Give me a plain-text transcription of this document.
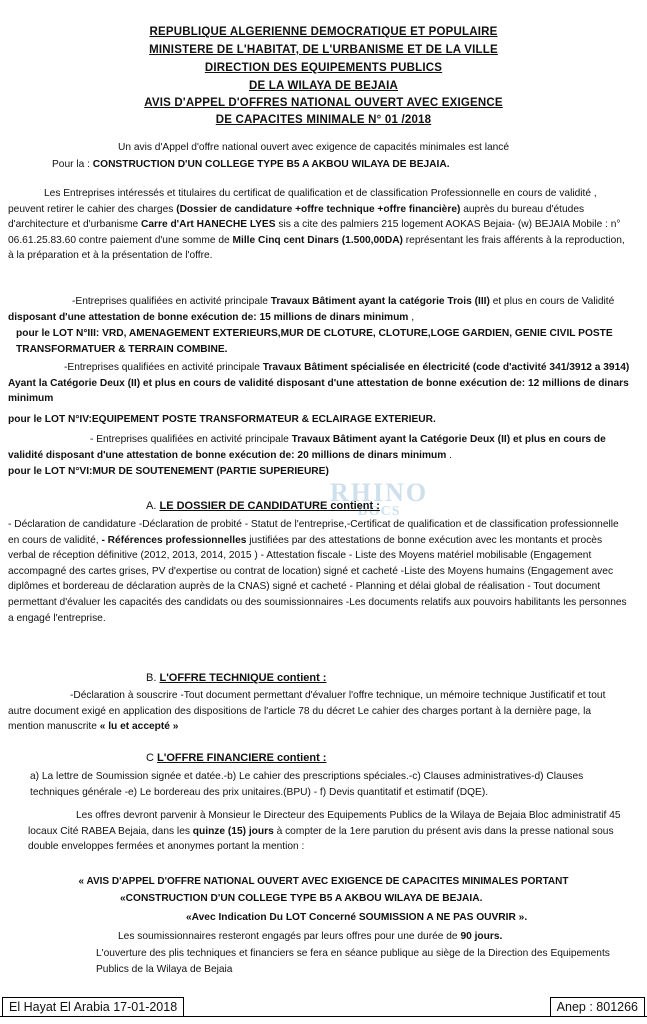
REPUBLIQUE ALGERIENNE DEMOCRATIQUE ET POPULAIRE
MINISTERE DE L'HABITAT, DE L'URBANISME ET DE LA VILLE
DIRECTION DES EQUIPEMENTS PUBLICS
DE LA WILAYA DE BEJAIA
AVIS D'APPEL D'OFFRES NATIONAL OUVERT AVEC EXIGENCE
DE CAPACITES MINIMALE N° 01 /2018
Un avis d'Appel d'offre national ouvert avec exigence de capacités minimales est lancé
Pour la : CONSTRUCTION D'UN COLLEGE TYPE B5 A AKBOU WILAYA DE BEJAIA.

Les Entreprises intéressés et titulaires du certificat de qualification et de classification Professionnelle en cours de validité , peuvent retirer le cahier des charges (Dossier de candidature +offre technique +offre financière) auprès du bureau d'études d'architecture et d'urbanisme Carre d'Art HANECHE LYES sis a cite des palmiers 215 logement AOKAS Bejaia- (w) BEJAIA Mobile : n° 06.61.25.83.60 contre paiement d'une somme de Mille Cinq cent Dinars (1.500,00DA) représentant les frais afférents à la reproduction, à la préparation et à la présentation de l'offre.

-Entreprises qualifiées en activité principale Travaux Bâtiment ayant la catégorie Trois (III) et plus en cours de Validité disposant d'une attestation de bonne exécution de: 15 millions de dinars minimum ,

pour le LOT N°III: VRD, AMENAGEMENT EXTERIEURS,MUR DE CLOTURE, CLOTURE,LOGE GARDIEN, GENIE CIVIL POSTE TRANSFORMATUER & TERRAIN COMBINE.

-Entreprises qualifiées en activité principale Travaux Bâtiment spécialisée en électricité (code d'activité 341/3912 a 3914) Ayant la Catégorie Deux (II) et plus en cours de validité disposant d'une attestation de bonne exécution de: 12 millions de dinars minimum

pour le LOT N°IV:EQUIPEMENT POSTE TRANSFORMATEUR & ECLAIRAGE EXTERIEUR.

- Entreprises qualifiées en activité principale Travaux Bâtiment ayant la Catégorie Deux (II) et plus en cours de validité disposant d'une attestation de bonne exécution de: 20 millions de dinars minimum .

pour le LOT N°VI:MUR DE SOUTENEMENT (PARTIE SUPERIEURE)
RHINO
DOCS
A. LE DOSSIER DE CANDIDATURE contient :

- Déclaration de candidature -Déclaration de probité - Statut de l'entreprise,-Certificat de qualification et de classification professionnelle en cours de validité, - Références professionnelles justifiées par des attestations de bonne exécution avec les montants et procès verbal de réception définitive (2012, 2013, 2014, 2015 ) - Attestation fiscale - Liste des Moyens matériel mobilisable (Engagement accompagné des cartes grises, PV d'expertise ou contrat de location) signé et cacheté -Liste des Moyens humains (Engagement avec diplômes et bordereau de déclaration auprès de la CNAS) signé et cacheté - Planning et délai global de réalisation - Tout document permettant d'évaluer les capacités des candidats ou des soumissionnaires -Les documents relatifs aux pouvoirs habilitants les personnes a engagé l'entreprise.

B. L'OFFRE TECHNIQUE contient :

-Déclaration à souscrire -Tout document permettant d'évaluer l'offre technique, un mémoire technique Justificatif et tout autre document exigé en application des dispositions de l'article 78 du décret Le cahier des charges portant à la dernière page, la mention manuscrite « lu et accepté »

C L'OFFRE FINANCIERE contient :
a) La lettre de Soumission signée et datée.-b) Le cahier des prescriptions spéciales.-c) Clauses administratives-d) Clauses techniques générale -e) Le bordereau des prix unitaires.(BPU) - f) Devis quantitatif et estimatif (DQE).

Les offres devront parvenir à Monsieur le Directeur des Equipements Publics de la Wilaya de Bejaia Bloc administratif 45 locaux Cité RABEA Bejaia, dans les quinze (15) jours à compter de la 1ere parution du présent avis dans la presse national sous double enveloppes fermées et anonymes portant la mention :

« AVIS D'APPEL D'OFFRE NATIONAL OUVERT AVEC EXIGENCE DE CAPACITES MINIMALES PORTANT
«CONSTRUCTION D'UN COLLEGE TYPE B5 A AKBOU WILAYA DE BEJAIA.
«Avec Indication Du LOT Concerné SOUMISSION A NE PAS OUVRIR ».
Les soumissionnaires resteront engagés par leurs offres pour une durée de 90 jours.
L'ouverture des plis techniques et financiers se fera en séance publique au siège de la Direction des Equipements Publics de la Wilaya de Bejaia
El Hayat El Arabia 17-01-2018	Anep : 801266
